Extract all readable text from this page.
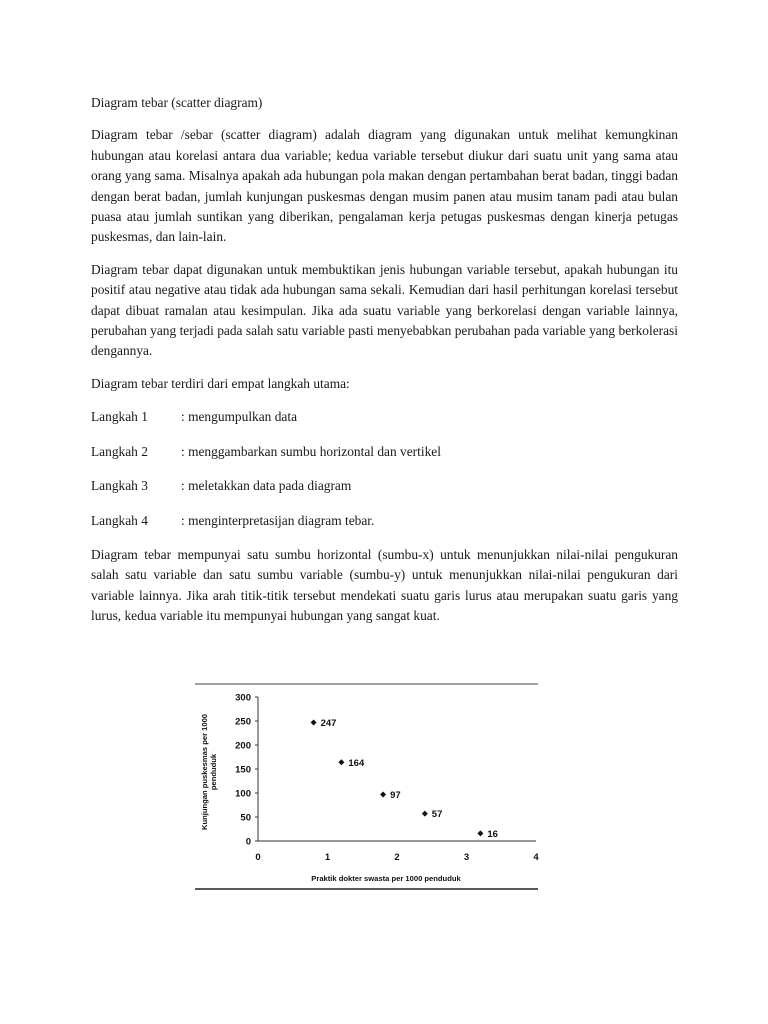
Diagram tebar (scatter diagram)

Diagram tebar /sebar (scatter diagram) adalah diagram yang digunakan untuk melihat kemungkinan hubungan atau korelasi antara dua variable; kedua variable tersebut diukur dari suatu unit yang sama atau orang yang sama. Misalnya apakah ada hubungan pola makan dengan pertambahan berat badan, tinggi badan dengan berat badan, jumlah kunjungan puskesmas dengan musim panen atau musim tanam padi atau bulan puasa atau jumlah suntikan yang diberikan, pengalaman kerja petugas puskesmas dengan kinerja petugas puskesmas, dan lain-lain.

Diagram tebar dapat digunakan untuk membuktikan jenis hubungan variable tersebut, apakah hubungan itu positif atau negative atau tidak ada hubungan sama sekali. Kemudian dari hasil perhitungan korelasi tersebut dapat dibuat ramalan atau kesimpulan. Jika ada suatu variable yang berkorelasi dengan variable lainnya, perubahan yang terjadi pada salah satu variable pasti menyebabkan perubahan pada variable yang berkolerasi dengannya.

Diagram tebar terdiri dari empat langkah utama:

Langkah 1	: mengumpulkan data
Langkah 2	: menggambarkan sumbu horizontal dan vertikel
Langkah 3	: meletakkan data pada diagram
Langkah 4	: menginterpretasijan diagram tebar.

Diagram tebar mempunyai satu sumbu horizontal (sumbu-x) untuk menunjukkan nilai-nilai pengukuran salah satu variable dan satu sumbu variable (sumbu-y) untuk menunjukkan nilai-nilai pengukuran dari variable lainnya. Jika arah titik-titik tersebut mendekati suatu garis lurus atau merupakan suatu garis yang lurus, kedua variable itu mempunyai hubungan yang sangat kuat.

0
50
100
150
200
250
300
0	1	2	3	4
247
164
97
57
16
Praktik dokter swasta per 1000 penduduk
Kunjungan puskesmas per 1000 penduduk
